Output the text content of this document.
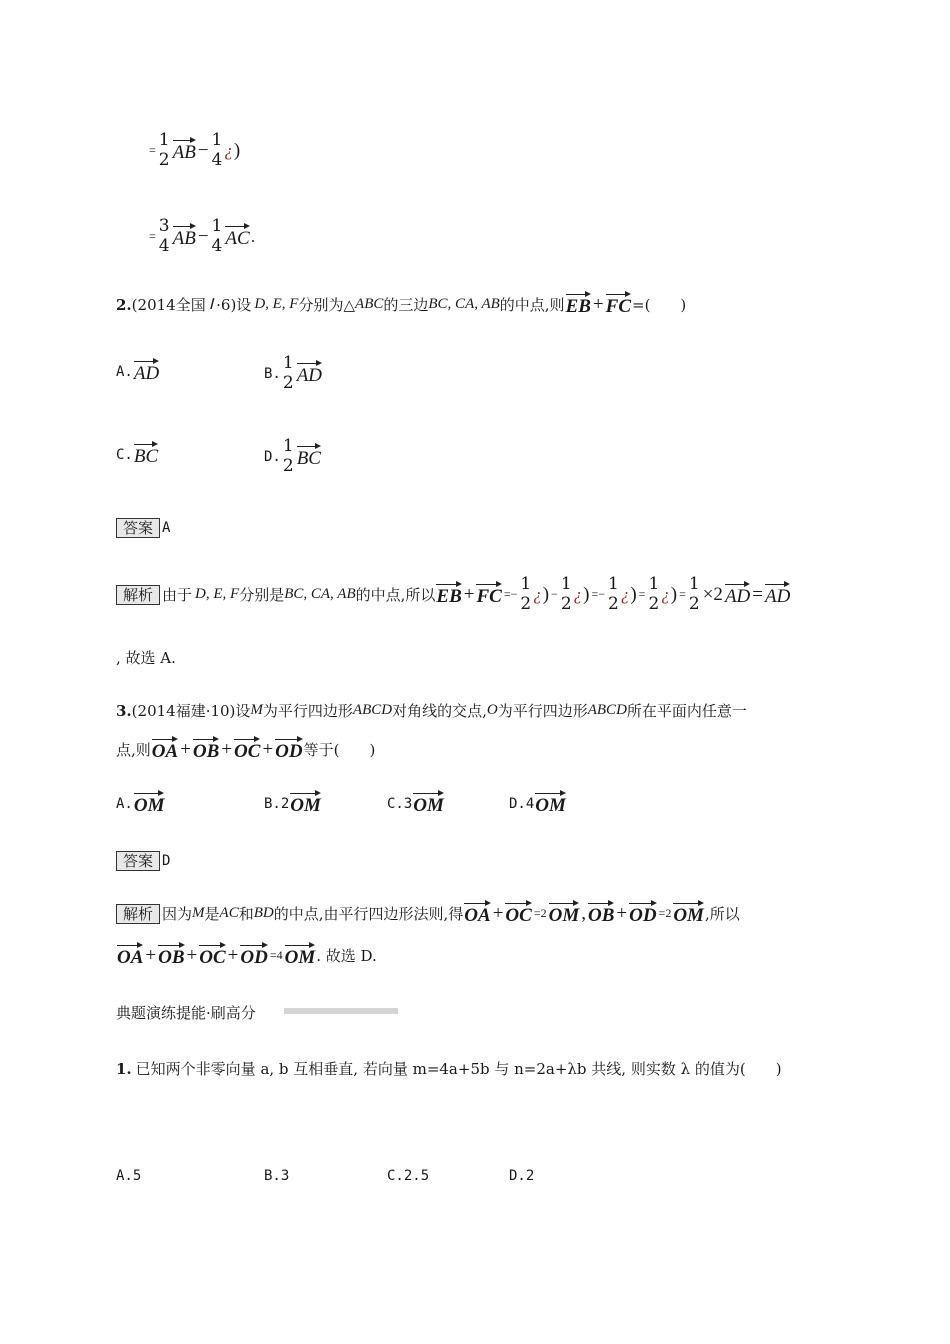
= 1
2 AB − 1
4 ¿ )
= 3
4 AB − 1
4 AC .
2. (2014全国 Ⅰ ·6)设 D, E, F 分别为△ ABC 的三边 BC, CA, AB 的中点,则 EB + FC =(　　)
A. AD	B.
1
2 AD
C. BC	D.
1
2 BC
答案 A
解析 由于 D, E, F 分别是 BC, CA, AB 的中点,所以 EB + FC =− 1
2 ¿ ) − 1
2 ¿ ) =− 1
2 ¿ ) = 1
2 ¿ ) = 1
2 ×2 AD = AD
, 故选 A.
3. (2014福建·10)设 M 为平行四边形 ABCD 对角线的交点, O 为平行四边形 ABCD 所在平面内任意一
点,则 OA + OB + OC + OD 等于(　　)
A. OM	B. 2 OM	C. 3 OM	D. 4 OM
答案 D
解析 因为 M 是 AC 和 BD 的中点,由平行四边形法则,得 OA + OC =2 OM , OB + OD =2 OM ,所以
OA + OB + OC + OD =4 OM . 故选 D.
典题演练提能·刷高分
1. 已知两个非零向量 a, b 互相垂直, 若向量 m=4a+5b 与 n=2a+λb 共线, 则实数 λ 的值为(　　)
A.5	B.3	C.2.5	D.2
